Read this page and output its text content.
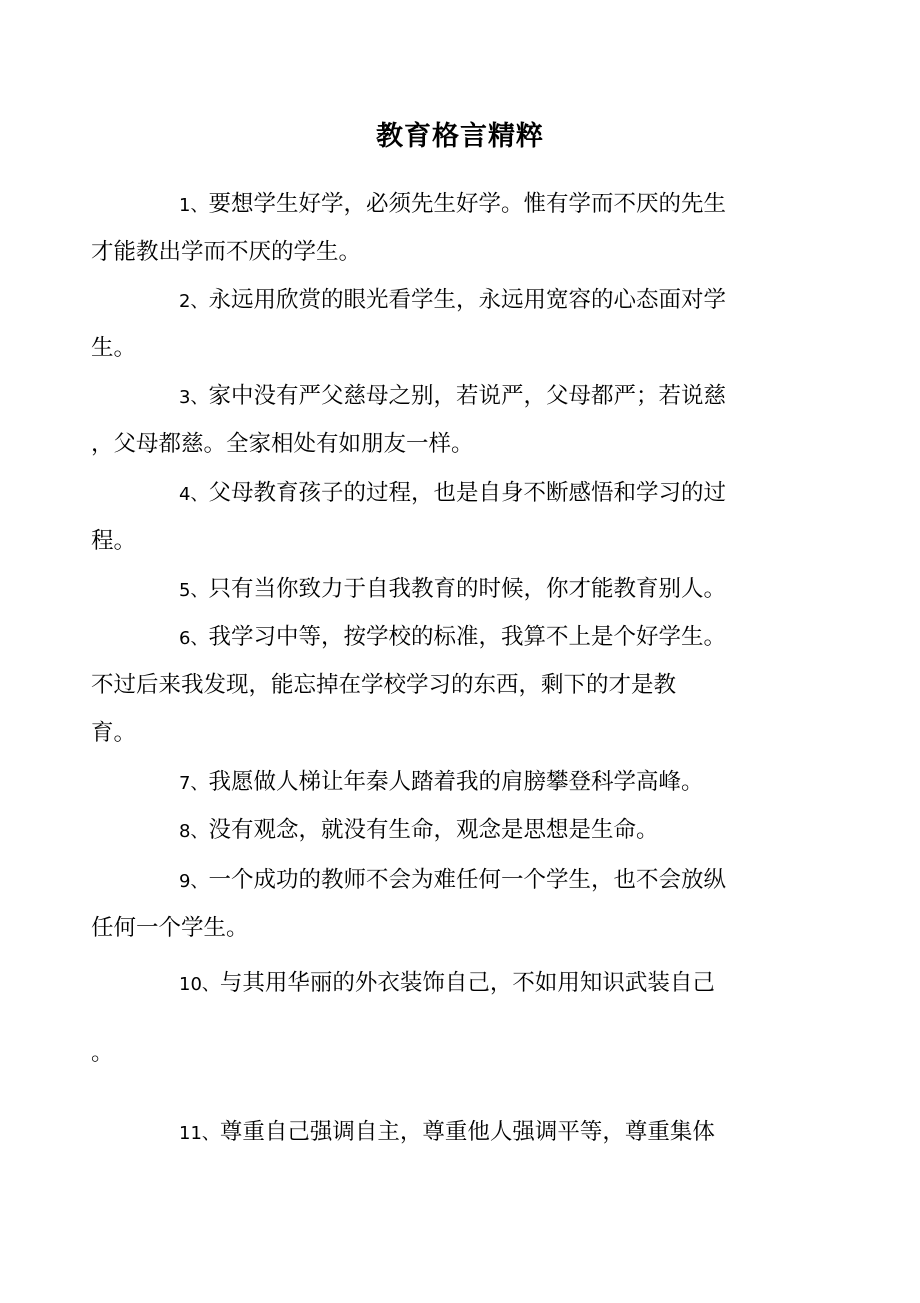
教育格言精粹
1、要想学生好学，必须先生好学。惟有学而不厌的先生
才能教出学而不厌的学生。
2、永远用欣赏的眼光看学生，永远用宽容的心态面对学
生。
3、家中没有严父慈母之别，若说严，父母都严；若说慈
，父母都慈。全家相处有如朋友一样。
4、父母教育孩子的过程，也是自身不断感悟和学习的过
程。
5、只有当你致力于自我教育的时候，你才能教育别人。
6、我学习中等，按学校的标准，我算不上是个好学生。
不过后来我发现，能忘掉在学校学习的东西，剩下的才是教
育。
7、我愿做人梯让年秦人踏着我的肩膀攀登科学高峰。
8、没有观念，就没有生命，观念是思想是生命。
9、一个成功的教师不会为难任何一个学生，也不会放纵
任何一个学生。
10、与其用华丽的外衣装饰自己，不如用知识武装自己
。
11、尊重自己强调自主，尊重他人强调平等，尊重集体
